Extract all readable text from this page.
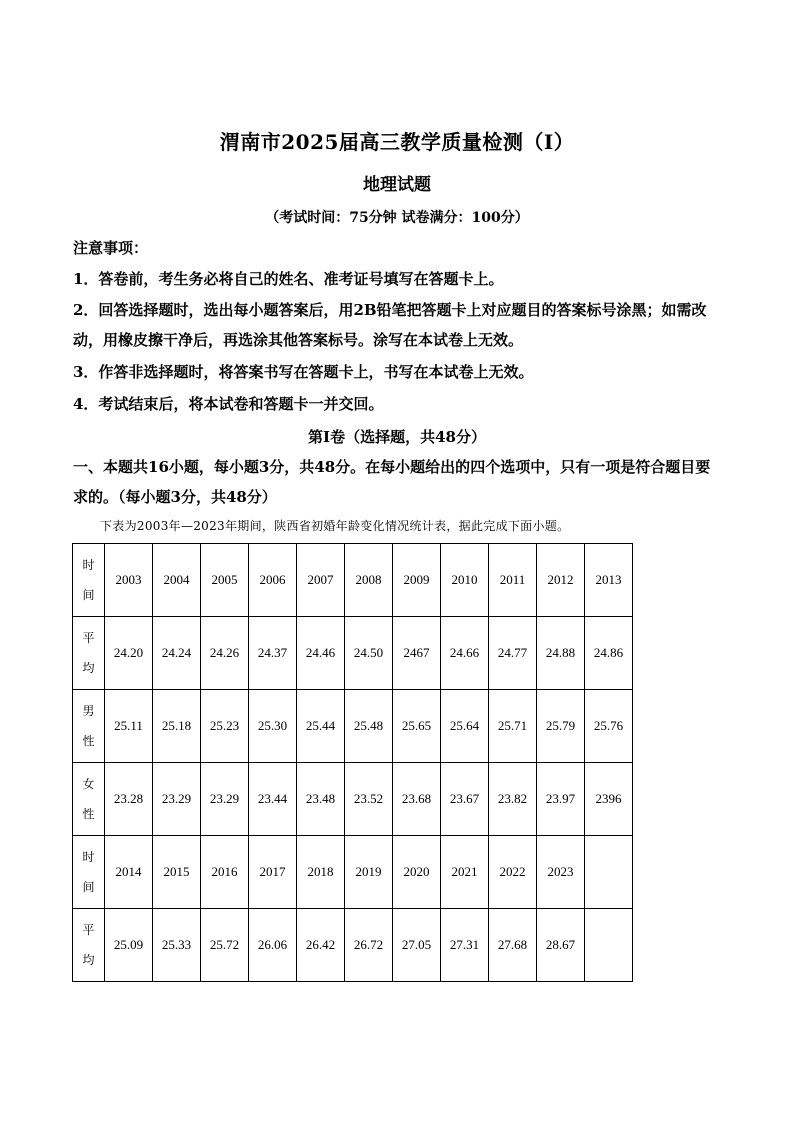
渭南市2025届高三教学质量检测（Ⅰ）
地理试题
（考试时间：75分钟 试卷满分：100分）
注意事项：
1．答卷前，考生务必将自己的姓名、准考证号填写在答题卡上。
2．回答选择题时，选出每小题答案后，用2B铅笔把答题卡上对应题目的答案标号涂黑；如需改动，用橡皮擦干净后，再选涂其他答案标号。涂写在本试卷上无效。
3．作答非选择题时，将答案书写在答题卡上，书写在本试卷上无效。
4．考试结束后，将本试卷和答题卡一并交回。
第Ⅰ卷（选择题，共48分）
一、本题共16小题，每小题3分，共48分。在每小题给出的四个选项中，只有一项是符合题目要求的。（每小题3分，共48分）
下表为2003年—2023年期间，陕西省初婚年龄变化情况统计表，据此完成下面小题。
时
间	2003	2004	2005	2006	2007	2008	2009	2010	2011	2012	2013

平
均	24.20	24.24	24.26	24.37	24.46	24.50	2467	24.66	24.77	24.88	24.86

男
性	25.11	25.18	25.23	25.30	25.44	25.48	25.65	25.64	25.71	25.79	25.76

女
性	23.28	23.29	23.29	23.44	23.48	23.52	23.68	23.67	23.82	23.97	2396

时
间	2014	2015	2016	2017	2018	2019	2020	2021	2022	2023	

平
均	25.09	25.33	25.72	26.06	26.42	26.72	27.05	27.31	27.68	28.67	
